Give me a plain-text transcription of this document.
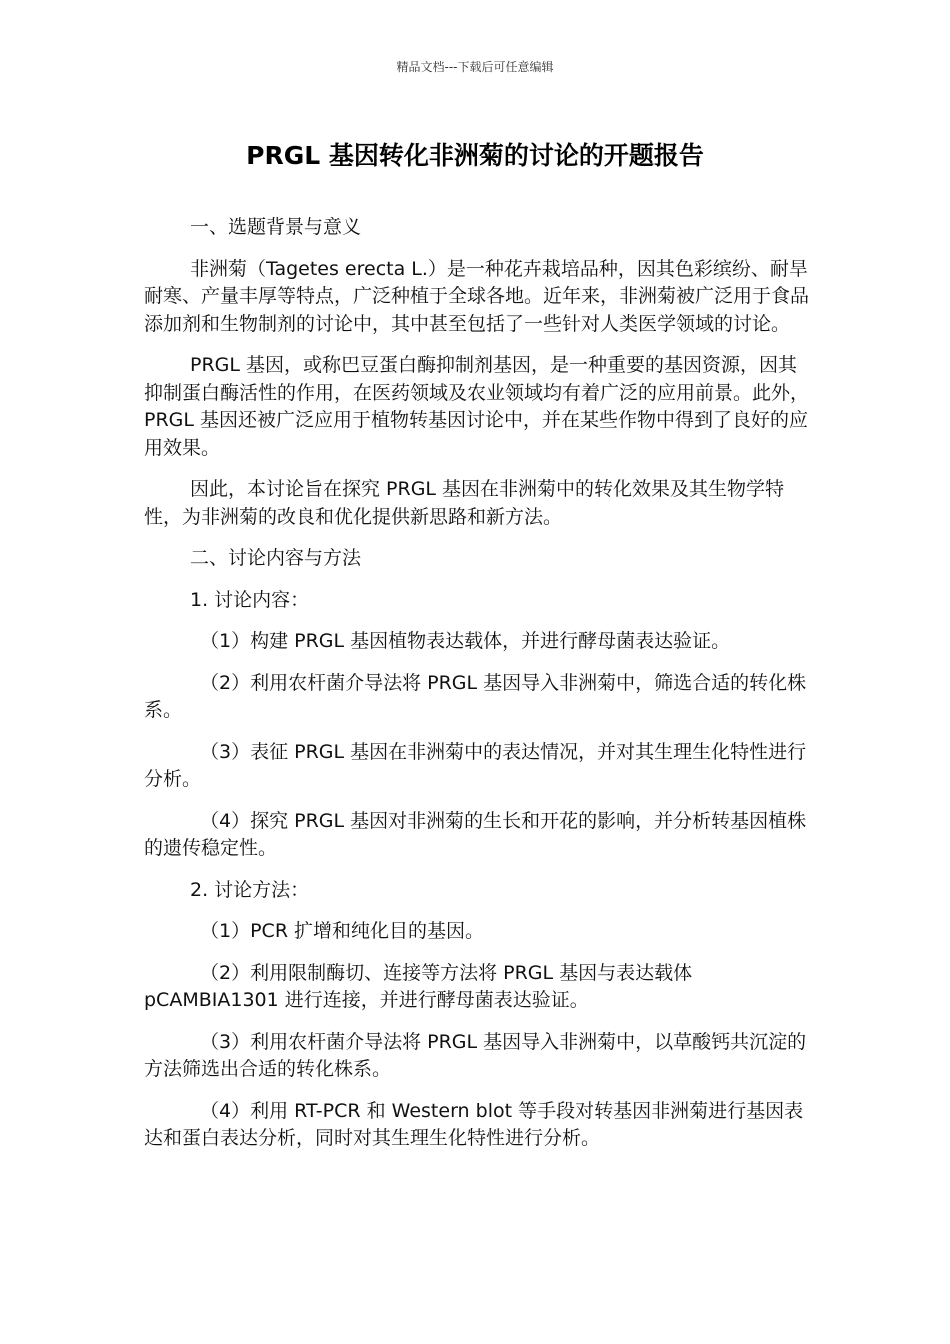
精品文档---下载后可任意编辑
PRGL 基因转化非洲菊的讨论的开题报告

一、选题背景与意义

非洲菊（Tagetes erecta L.）是一种花卉栽培品种，因其色彩缤纷、耐旱耐寒、产量丰厚等特点，广泛种植于全球各地。近年来，非洲菊被广泛用于食品添加剂和生物制剂的讨论中，其中甚至包括了一些针对人类医学领域的讨论。

PRGL 基因，或称巴豆蛋白酶抑制剂基因，是一种重要的基因资源，因其抑制蛋白酶活性的作用，在医药领域及农业领域均有着广泛的应用前景。此外，PRGL 基因还被广泛应用于植物转基因讨论中，并在某些作物中得到了良好的应用效果。

因此，本讨论旨在探究 PRGL 基因在非洲菊中的转化效果及其生物学特性，为非洲菊的改良和优化提供新思路和新方法。

二、讨论内容与方法

1. 讨论内容：

（1）构建 PRGL 基因植物表达载体，并进行酵母菌表达验证。

（2）利用农杆菌介导法将 PRGL 基因导入非洲菊中，筛选合适的转化株系。

（3）表征 PRGL 基因在非洲菊中的表达情况，并对其生理生化特性进行分析。

（4）探究 PRGL 基因对非洲菊的生长和开花的影响，并分析转基因植株的遗传稳定性。

2. 讨论方法：

（1）PCR 扩增和纯化目的基因。

（2）利用限制酶切、连接等方法将 PRGL 基因与表达载体 pCAMBIA1301 进行连接，并进行酵母菌表达验证。

（3）利用农杆菌介导法将 PRGL 基因导入非洲菊中，以草酸钙共沉淀的方法筛选出合适的转化株系。

（4）利用 RT-PCR 和 Western blot 等手段对转基因非洲菊进行基因表达和蛋白表达分析，同时对其生理生化特性进行分析。
